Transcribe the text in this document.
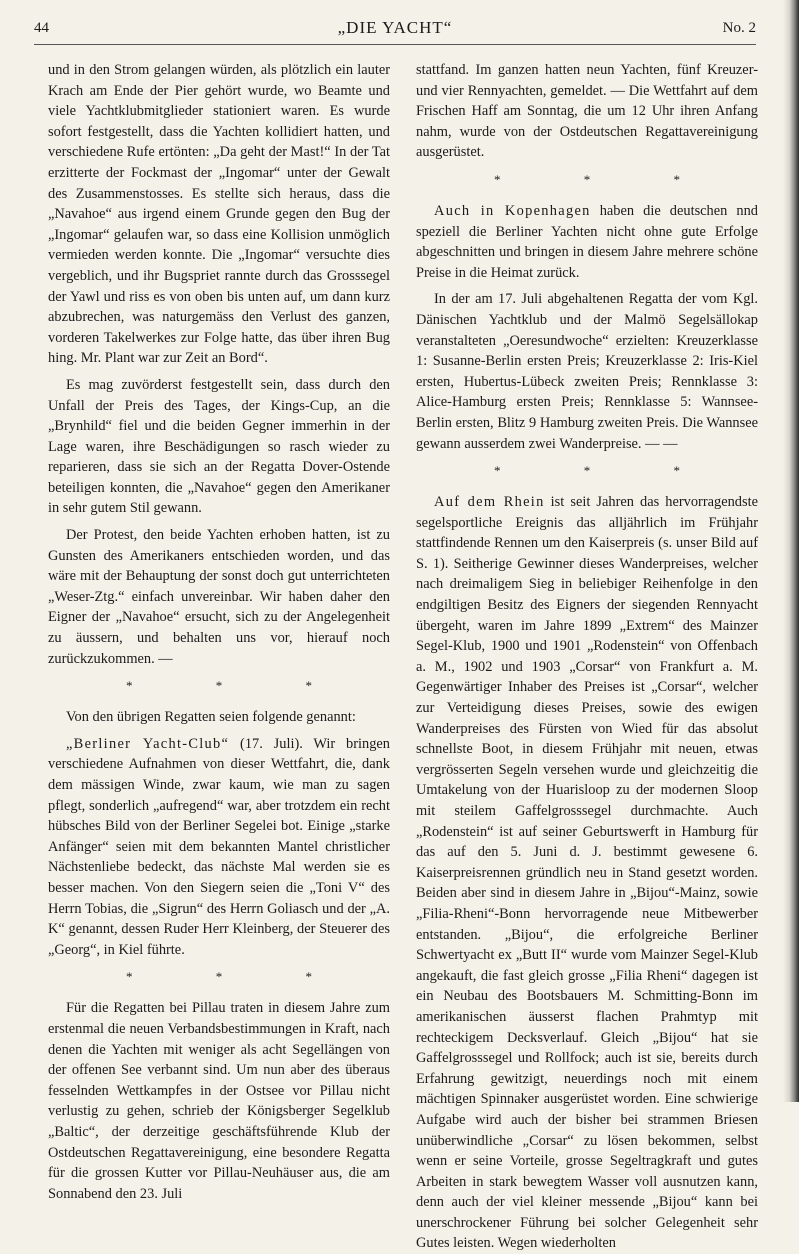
44	„DIE YACHT“	No. 2

und in den Strom gelangen würden, als plötzlich ein lauter Krach am Ende der Pier gehört wurde, wo Beamte und viele Yachtklubmitglieder stationiert waren. Es wurde sofort festgestellt, dass die Yachten kollidiert hatten, und verschiedene Rufe ertönten: „Da geht der Mast!“ In der Tat erzitterte der Fockmast der „Ingomar“ unter der Gewalt des Zusammenstosses. Es stellte sich heraus, dass die „Navahoe“ aus irgend einem Grunde gegen den Bug der „Ingomar“ gelaufen war, so dass eine Kollision unmöglich vermieden werden konnte. Die „Ingomar“ versuchte dies vergeblich, und ihr Bugspriet rannte durch das Grosssegel der Yawl und riss es von oben bis unten auf, um dann kurz abzubrechen, was naturgemäss den Verlust des ganzen, vorderen Takelwerkes zur Folge hatte, das über ihren Bug hing. Mr. Plant war zur Zeit an Bord“.

Es mag zuvörderst festgestellt sein, dass durch den Unfall der Preis des Tages, der Kings-Cup, an die „Brynhild“ fiel und die beiden Gegner immerhin in der Lage waren, ihre Beschädigungen so rasch wieder zu reparieren, dass sie sich an der Regatta Dover-Ostende beteiligen konnten, die „Navahoe“ gegen den Amerikaner in sehr gutem Stil gewann.

Der Protest, den beide Yachten erhoben hatten, ist zu Gunsten des Amerikaners entschieden worden, und das wäre mit der Behauptung der sonst doch gut unterrichteten „Weser-Ztg.“ einfach unvereinbar. Wir haben daher den Eigner der „Navahoe“ ersucht, sich zu der Angelegenheit zu äussern, und behalten uns vor, hierauf noch zurückzukommen. —

* * *

Von den übrigen Regatten seien folgende genannt:

„Berliner Yacht-Club“ (17. Juli). Wir bringen verschiedene Aufnahmen von dieser Wettfahrt, die, dank dem mässigen Winde, zwar kaum, wie man zu sagen pflegt, sonderlich „aufregend“ war, aber trotzdem ein recht hübsches Bild von der Berliner Segelei bot. Einige „starke Anfänger“ seien mit dem bekannten Mantel christlicher Nächstenliebe bedeckt, das nächste Mal werden sie es besser machen. Von den Siegern seien die „Toni V“ des Herrn Tobias, die „Sigrun“ des Herrn Goliasch und der „A. K“ genannt, dessen Ruder Herr Kleinberg, der Steuerer des „Georg“, in Kiel führte.

* * *

Für die Regatten bei Pillau traten in diesem Jahre zum erstenmal die neuen Verbandsbestimmungen in Kraft, nach denen die Yachten mit weniger als acht Segellängen von der offenen See verbannt sind. Um nun aber des überaus fesselnden Wettkampfes in der Ostsee vor Pillau nicht verlustig zu gehen, schrieb der Königsberger Segelklub „Baltic“, der derzeitige geschäftsführende Klub der Ostdeutschen Regattavereinigung, eine besondere Regatta für die grossen Kutter vor Pillau-Neuhäuser aus, die am Sonnabend den 23. Juli

stattfand. Im ganzen hatten neun Yachten, fünf Kreuzer- und vier Rennyachten, gemeldet. — Die Wettfahrt auf dem Frischen Haff am Sonntag, die um 12 Uhr ihren Anfang nahm, wurde von der Ostdeutschen Regattavereinigung ausgerüstet.

* * *

Auch in Kopenhagen haben die deutschen nnd speziell die Berliner Yachten nicht ohne gute Erfolge abgeschnitten und bringen in diesem Jahre mehrere schöne Preise in die Heimat zurück.

In der am 17. Juli abgehaltenen Regatta der vom Kgl. Dänischen Yachtklub und der Malmö Segelsällokap veranstalteten „Oeresundwoche“ erzielten: Kreuzerklasse 1: Susanne-Berlin ersten Preis; Kreuzerklasse 2: Iris-Kiel ersten, Hubertus-Lübeck zweiten Preis; Rennklasse 3: Alice-Hamburg ersten Preis; Rennklasse 5: Wannsee-Berlin ersten, Blitz 9 Hamburg zweiten Preis. Die Wannsee gewann ausserdem zwei Wanderpreise. — —

* * *

Auf dem Rhein ist seit Jahren das hervorragendste segelsportliche Ereignis das alljährlich im Frühjahr stattfindende Rennen um den Kaiserpreis (s. unser Bild auf S. 1). Seitherige Gewinner dieses Wanderpreises, welcher nach dreimaligem Sieg in beliebiger Reihenfolge in den endgiltigen Besitz des Eigners der siegenden Rennyacht übergeht, waren im Jahre 1899 „Extrem“ des Mainzer Segel-Klub, 1900 und 1901 „Rodenstein“ von Offenbach a. M., 1902 und 1903 „Corsar“ von Frankfurt a. M. Gegenwärtiger Inhaber des Preises ist „Corsar“, welcher zur Verteidigung dieses Preises, sowie des ewigen Wanderpreises des Fürsten von Wied für das absolut schnellste Boot, in diesem Frühjahr mit neuen, etwas vergrösserten Segeln versehen wurde und gleichzeitig die Umtakelung von der Huarisloop zu der modernen Sloop mit steilem Gaffelgrosssegel durchmachte. Auch „Rodenstein“ ist auf seiner Geburtswerft in Hamburg für das auf den 5. Juni d. J. bestimmt gewesene 6. Kaiserpreisrennen gründlich neu in Stand gesetzt worden. Beiden aber sind in diesem Jahre in „Bijou“-Mainz, sowie „Filia-Rheni“-Bonn hervorragende neue Mitbewerber entstanden. „Bijou“, die erfolgreiche Berliner Schwertyacht ex „Butt II“ wurde vom Mainzer Segel-Klub angekauft, die fast gleich grosse „Filia Rheni“ dagegen ist ein Neubau des Bootsbauers M. Schmitting-Bonn im amerikanischen äusserst flachen Prahmtyp mit rechteckigem Decksverlauf. Gleich „Bijou“ hat sie Gaffelgrosssegel und Rollfock; auch ist sie, bereits durch Erfahrung gewitzigt, neuerdings noch mit einem mächtigen Spinnaker ausgerüstet worden. Eine schwierige Aufgabe wird auch der bisher bei strammen Briesen unüberwindliche „Corsar“ zu lösen bekommen, selbst wenn er seine Vorteile, grosse Segeltragkraft und gutes Arbeiten in stark bewegtem Wasser voll ausnutzen kann, denn auch der viel kleiner messende „Bijou“ kann bei unerschrockener Führung bei solcher Gelegenheit sehr Gutes leisten. Wegen wiederholten
